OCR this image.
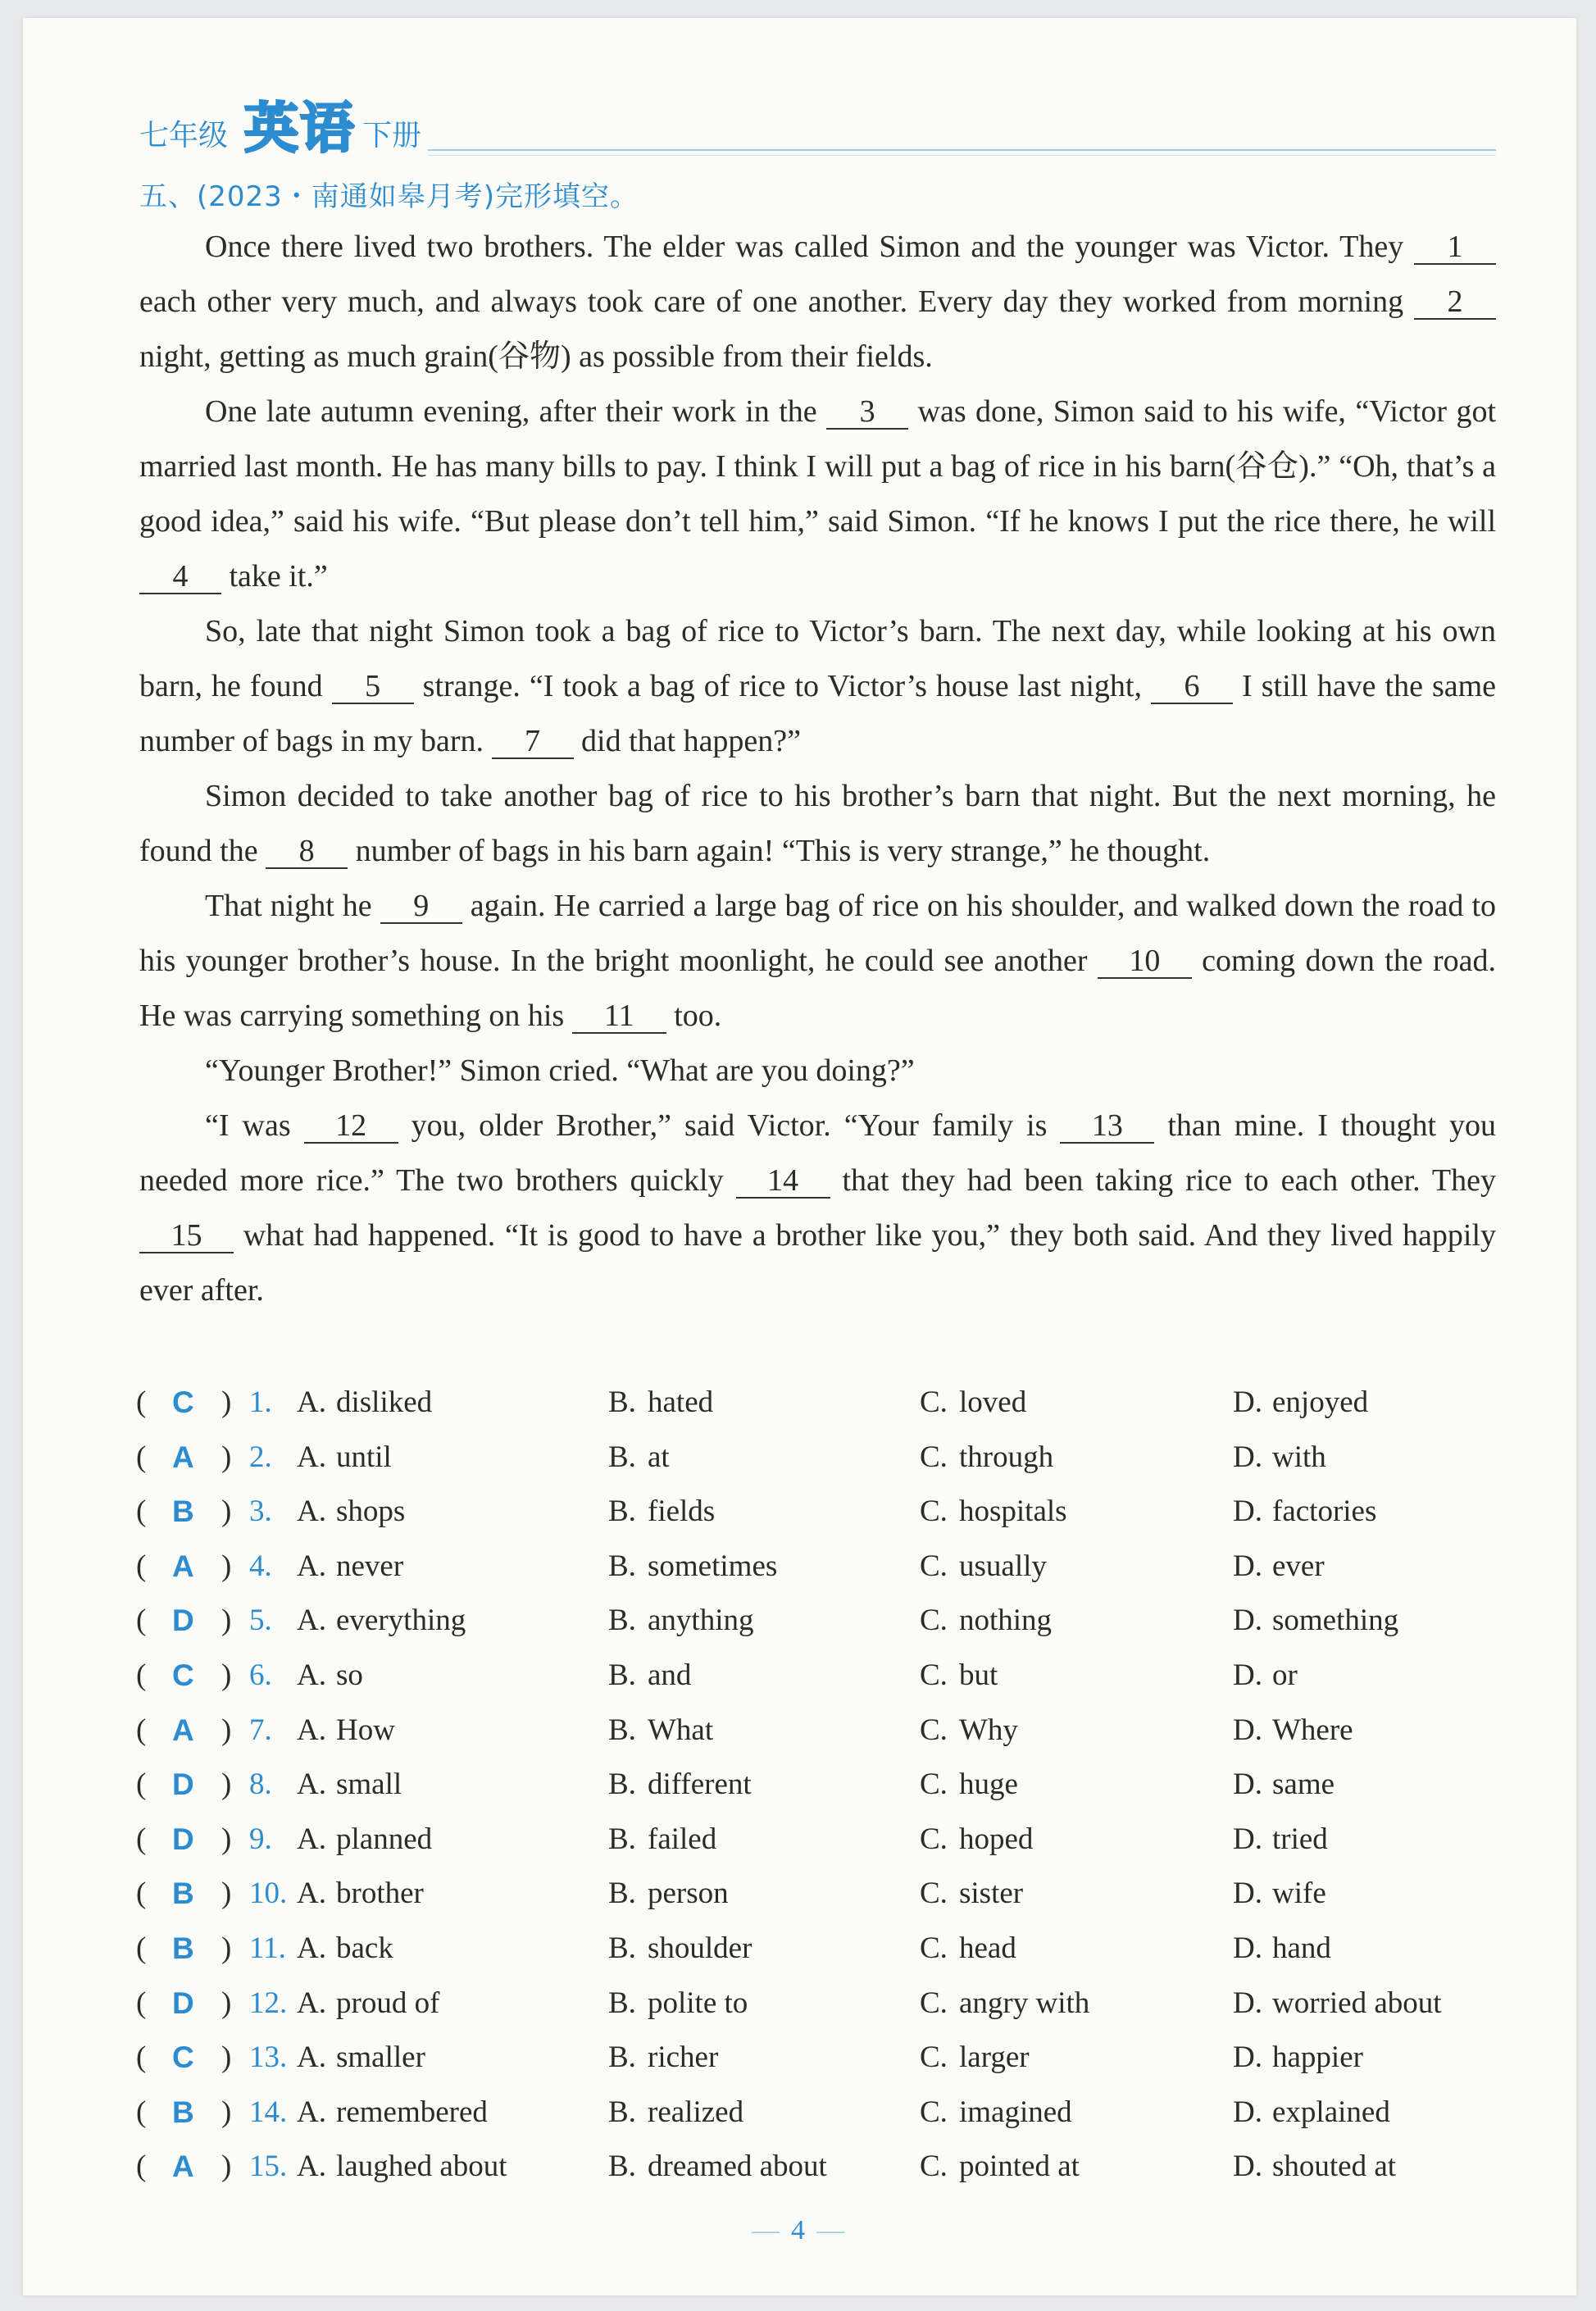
七年级 英语 下册
五、(2023・南通如皋月考)完形填空。

Once there lived two brothers. The elder was called Simon and the younger was Victor. They 1 each other very much, and always took care of one another. Every day they worked from morning 2 night, getting as much grain(谷物) as possible from their fields.

One late autumn evening, after their work in the 3 was done, Simon said to his wife, “Victor got married last month. He has many bills to pay. I think I will put a bag of rice in his barn(谷仓).” “Oh, that’s a good idea,” said his wife. “But please don’t tell him,” said Simon. “If he knows I put the rice there, he will 4 take it.”

So, late that night Simon took a bag of rice to Victor’s barn. The next day, while looking at his own barn, he found 5 strange. “I took a bag of rice to Victor’s house last night, 6 I still have the same number of bags in my barn. 7 did that happen?”

Simon decided to take another bag of rice to his brother’s barn that night. But the next morning, he found the 8 number of bags in his barn again! “This is very strange,” he thought.

That night he 9 again. He carried a large bag of rice on his shoulder, and walked down the road to his younger brother’s house. In the bright moonlight, he could see another 10 coming down the road. He was carrying something on his 11 too.

“Younger Brother!” Simon cried. “What are you doing?”

“I was 12 you, older Brother,” said Victor. “Your family is 13 than mine. I thought you needed more rice.” The two brothers quickly 14 that they had been taking rice to each other. They 15 what had happened. “It is good to have a brother like you,” they both said. And they lived happily ever after.

( C ) 1. A. disliked	B. hated	C. loved	D. enjoyed
( A ) 2. A. until	B. at	C. through	D. with
( B ) 3. A. shops	B. fields	C. hospitals	D. factories
( A ) 4. A. never	B. sometimes	C. usually	D. ever
( D ) 5. A. everything	B. anything	C. nothing	D. something
( C ) 6. A. so	B. and	C. but	D. or
( A ) 7. A. How	B. What	C. Why	D. Where
( D ) 8. A. small	B. different	C. huge	D. same
( D ) 9. A. planned	B. failed	C. hoped	D. tried
( B ) 10. A. brother	B. person	C. sister	D. wife
( B ) 11. A. back	B. shoulder	C. head	D. hand
( D ) 12. A. proud of	B. polite to	C. angry with	D. worried about
( C ) 13. A. smaller	B. richer	C. larger	D. happier
( B ) 14. A. remembered	B. realized	C. imagined	D. explained
( A ) 15. A. laughed about	B. dreamed about	C. pointed at	D. shouted at
— 4 —
